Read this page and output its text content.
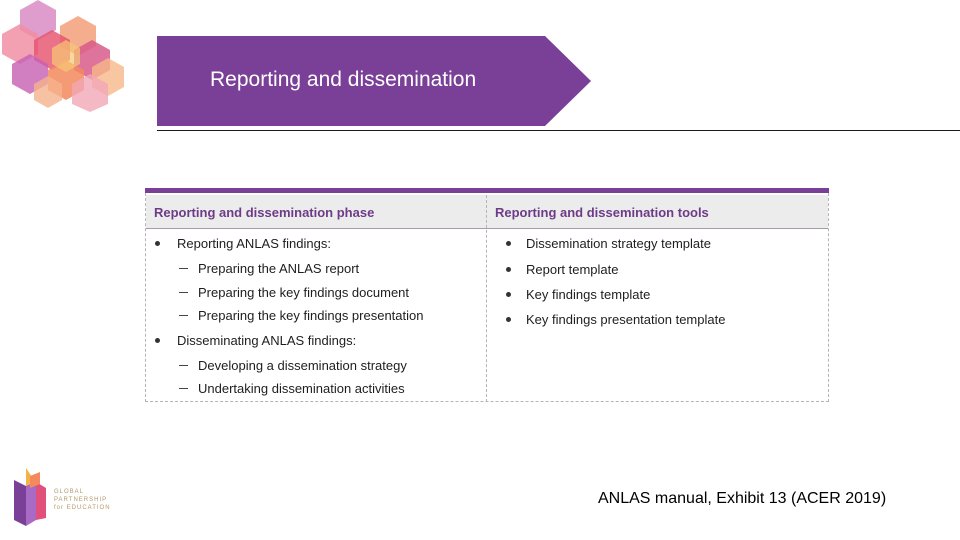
Reporting and dissemination
Reporting and dissemination phase	Reporting and dissemination tools
Reporting ANLAS findings:
Preparing the ANLAS report
Preparing the key findings document
Preparing the key findings presentation
Disseminating ANLAS findings:
Developing a dissemination strategy
Undertaking dissemination activities
Dissemination strategy template
Report template
Key findings template
Key findings presentation template
GLOBAL
PARTNERSHIP
for EDUCATION
ANLAS manual, Exhibit 13 (ACER 2019)
